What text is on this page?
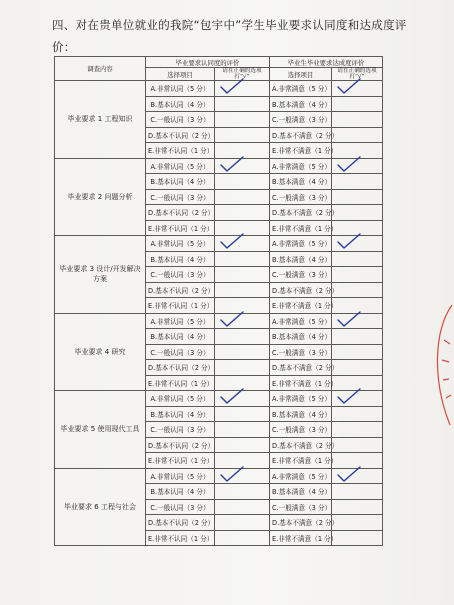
四、对在贵单位就业的我院“包宇中”学生毕业要求认同度和达成度评价：
调查内容	毕业要求认同度的评价		毕业生毕业要求达成度评价	
	选择项目	请在正确的选项打“√”	选择项目	请在正确的选项打“√”
毕业要求 1 工程知识	A.非常认同（5 分）		A.非常满意（5 分）	

	B.基本认同（4 分）		B.基本满意（4 分）	
	C.一般认同（3 分）		C.一般满意（3 分）	
	D.基本不认同（2 分）		D.基本不满意（2 分）	
	E.非常不认同（1 分）		E.非常不满意（1 分）	
毕业要求 2 问题分析	A.非常认同（5 分）		A.非常满意（5 分）	

	B.基本认同（4 分）		B.基本满意（4 分）	
	C.一般认同（3 分）		C.一般满意（3 分）	
	D.基本不认同（2 分）		D.基本不满意（2 分）	
	E.非常不认同（1 分）		E.非常不满意（1 分）	
毕业要求 3 设计/开发解决方案	A.非常认同（5 分）		A.非常满意（5 分）	

	B.基本认同（4 分）		B.基本满意（4 分）	
	C.一般认同（3 分）		C.一般满意（3 分）	
	D.基本不认同（2 分）		D.基本不满意（2 分）	
	E.非常不认同（1 分）		E.非常不满意（1 分）	
毕业要求 4 研究	A.非常认同（5 分）		A.非常满意（5 分）	

	B.基本认同（4 分）		B.基本满意（4 分）	
	C.一般认同（3 分）		C.一般满意（3 分）	
	D.基本不认同（2 分）		D.基本不满意（2 分）	
	E.非常不认同（1 分）		E.非常不满意（1 分）	
毕业要求 5 使用现代工具	A.非常认同（5 分）		A.非常满意（5 分）	

	B.基本认同（4 分）		B.基本满意（4 分）	
	C.一般认同（3 分）		C.一般满意（3 分）	
	D.基本不认同（2 分）		D.基本不满意（2 分）	
	E.非常不认同（1 分）		E.非常不满意（1 分）	
毕业要求 6 工程与社会	A.非常认同（5 分）		A.非常满意（5 分）	

	B.基本认同（4 分）		B.基本满意（4 分）	
	C.一般认同（3 分）		C.一般满意（3 分）	
	D.基本不认同（2 分）		D.基本不满意（2 分）	
	E.非常不认同（1 分）		E.非常不满意（1 分）	
